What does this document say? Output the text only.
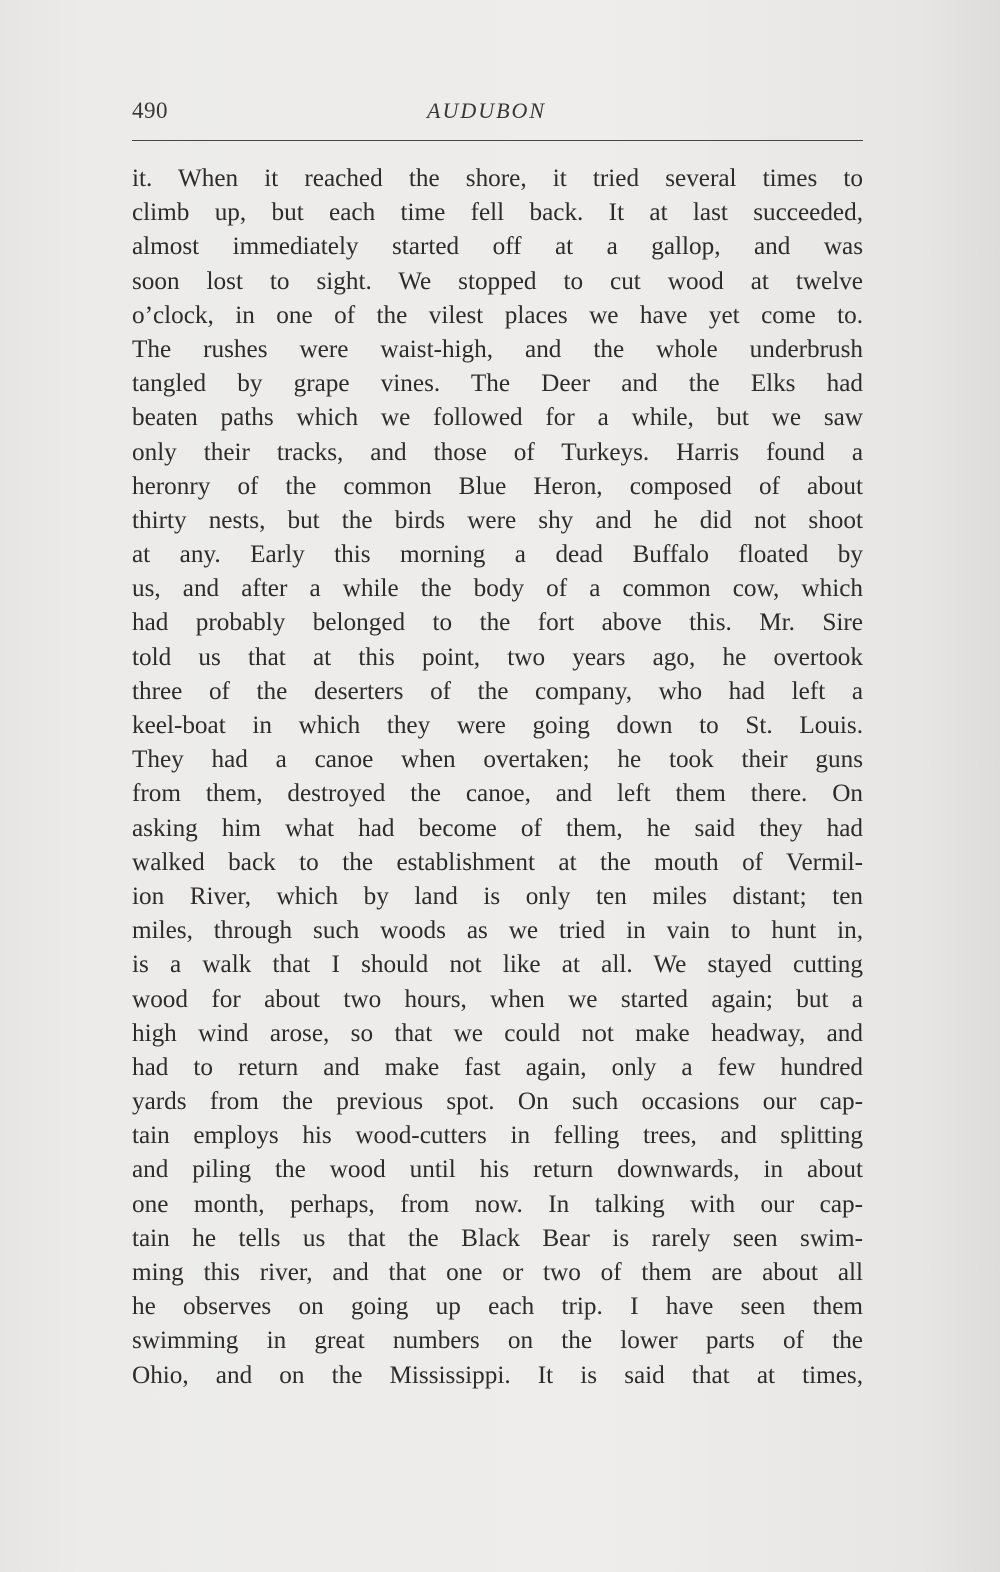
490	AUDUBON
it. When it reached the shore, it tried several times to
climb up, but each time fell back. It at last succeeded,
almost immediately started off at a gallop, and was
soon lost to sight. We stopped to cut wood at twelve
o’clock, in one of the vilest places we have yet come to.
The rushes were waist-high, and the whole underbrush
tangled by grape vines. The Deer and the Elks had
beaten paths which we followed for a while, but we saw
only their tracks, and those of Turkeys. Harris found a
heronry of the common Blue Heron, composed of about
thirty nests, but the birds were shy and he did not shoot
at any. Early this morning a dead Buffalo floated by
us, and after a while the body of a common cow, which
had probably belonged to the fort above this. Mr. Sire
told us that at this point, two years ago, he overtook
three of the deserters of the company, who had left a
keel-boat in which they were going down to St. Louis.
They had a canoe when overtaken; he took their guns
from them, destroyed the canoe, and left them there. On
asking him what had become of them, he said they had
walked back to the establishment at the mouth of Vermil-
ion River, which by land is only ten miles distant; ten
miles, through such woods as we tried in vain to hunt in,
is a walk that I should not like at all. We stayed cutting
wood for about two hours, when we started again; but a
high wind arose, so that we could not make headway, and
had to return and make fast again, only a few hundred
yards from the previous spot. On such occasions our cap-
tain employs his wood-cutters in felling trees, and splitting
and piling the wood until his return downwards, in about
one month, perhaps, from now. In talking with our cap-
tain he tells us that the Black Bear is rarely seen swim-
ming this river, and that one or two of them are about all
he observes on going up each trip. I have seen them
swimming in great numbers on the lower parts of the
Ohio, and on the Mississippi. It is said that at times,
